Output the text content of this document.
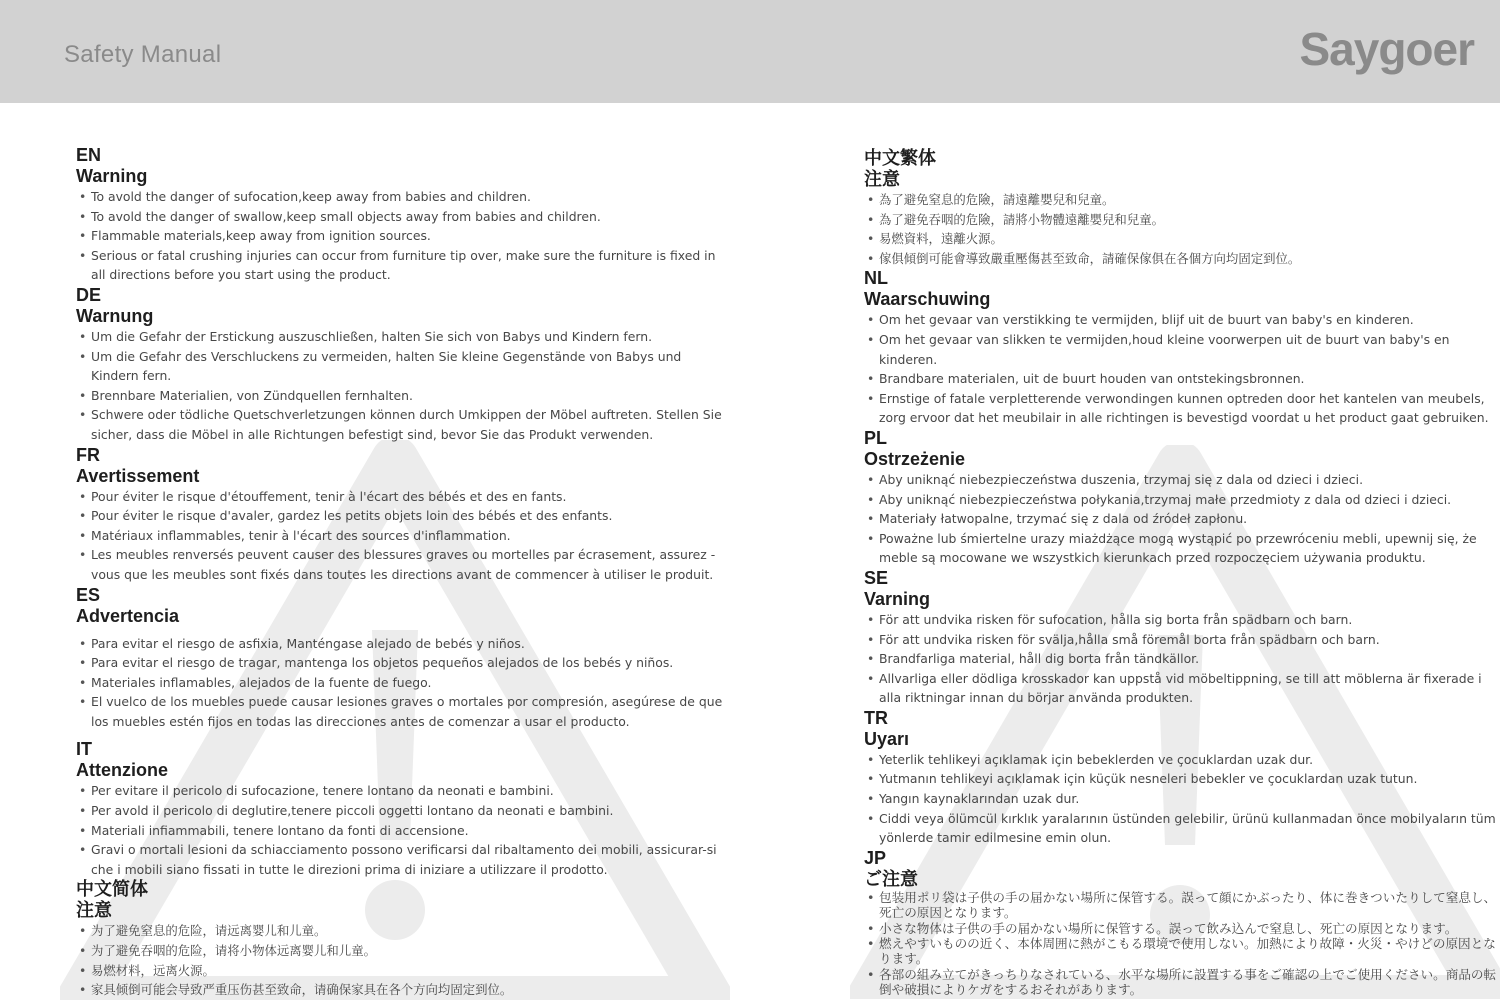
Safety Manual	Saygoer
EN
Warning
• To avold the danger of sufocation,keep away from babies and children.
• To avold the danger of swallow,keep small objects away from babies and children.
• Flammable materials,keep away from ignition sources.
• Serious or fatal crushing injuries can occur from furniture tip over, make sure the furniture is fixed in all directions before you start using the product.
DE
Warnung
• Um die Gefahr der Erstickung auszuschließen, halten Sie sich von Babys und Kindern fern.
• Um die Gefahr des Verschluckens zu vermeiden, halten Sie kleine Gegenstände von Babys und Kindern fern.
• Brennbare Materialien, von Zündquellen fernhalten.
• Schwere oder tödliche Quetschverletzungen können durch Umkippen der Möbel auftreten. Stellen Sie sicher, dass die Möbel in alle Richtungen befestigt sind, bevor Sie das Produkt verwenden.
FR
Avertissement
• Pour éviter le risque d'étouffement, tenir à l'écart des bébés et des en fants.
• Pour éviter le risque d'avaler, gardez les petits objets loin des bébés et des enfants.
• Matériaux inflammables, tenir à l'écart des sources d'inflammation.
• Les meubles renversés peuvent causer des blessures graves ou mortelles par écrasement, assurez - vous que les meubles sont fixés dans toutes les directions avant de commencer à utiliser le produit.
ES
Advertencia
• Para evitar el riesgo de asfixia, Manténgase alejado de bebés y niños.
• Para evitar el riesgo de tragar, mantenga los objetos pequeños alejados de los bebés y niños.
• Materiales inflamables, alejados de la fuente de fuego.
• El vuelco de los muebles puede causar lesiones graves o mortales por compresión, asegúrese de que los muebles estén fijos en todas las direcciones antes de comenzar a usar el producto.
IT
Attenzione
• Per evitare il pericolo di sufocazione, tenere lontano da neonati e bambini.
• Per avold il pericolo di deglutire,tenere piccoli oggetti lontano da neonati e bambini.
• Materiali infiammabili, tenere lontano da fonti di accensione.
• Gravi o mortali lesioni da schiacciamento possono verificarsi dal ribaltamento dei mobili, assicurar-si che i mobili siano fissati in tutte le direzioni prima di iniziare a utilizzare il prodotto.
中文简体
注意
• 为了避免窒息的危险，请远离婴儿和儿童。
• 为了避免吞咽的危险，请将小物体远离婴儿和儿童。
• 易燃材料，远离火源。
• 家具倾倒可能会导致严重压伤甚至致命，请确保家具在各个方向均固定到位。
中文繁体
注意
• 為了避免窒息的危險，請遠離嬰兒和兒童。
• 為了避免吞咽的危險，請將小物體遠離嬰兒和兒童。
• 易燃資料，遠離火源。
• 傢俱傾倒可能會導致嚴重壓傷甚至致命，請確保傢俱在各個方向均固定到位。
NL
Waarschuwing
• Om het gevaar van verstikking te vermijden, blijf uit de buurt van baby's en kinderen.
• Om het gevaar van slikken te vermijden,houd kleine voorwerpen uit de buurt van baby's en kinderen.
• Brandbare materialen, uit de buurt houden van ontstekingsbronnen.
• Ernstige of fatale verpletterende verwondingen kunnen optreden door het kantelen van meubels, zorg ervoor dat het meubilair in alle richtingen is bevestigd voordat u het product gaat gebruiken.
PL
Ostrzeżenie
• Aby uniknąć niebezpieczeństwa duszenia, trzymaj się z dala od dzieci i dzieci.
• Aby uniknąć niebezpieczeństwa połykania,trzymaj małe przedmioty z dala od dzieci i dzieci.
• Materiały łatwopalne, trzymać się z dala od źródeł zapłonu.
• Poważne lub śmiertelne urazy miażdżące mogą wystąpić po przewróceniu mebli, upewnij się, że meble są mocowane we wszystkich kierunkach przed rozpoczęciem używania produktu.
SE
Varning
• För att undvika risken för sufocation, hålla sig borta från spädbarn och barn.
• För att undvika risken för svälja,hålla små föremål borta från spädbarn och barn.
• Brandfarliga material, håll dig borta från tändkällor.
• Allvarliga eller dödliga krosskador kan uppstå vid möbeltippning, se till att möblerna är fixerade i alla riktningar innan du börjar använda produkten.
TR
Uyarı
• Yeterlik tehlikeyi açıklamak için bebeklerden ve çocuklardan uzak dur.
• Yutmanın tehlikeyi açıklamak için küçük nesneleri bebekler ve çocuklardan uzak tutun.
• Yangın kaynaklarından uzak dur.
• Ciddi veya ölümcül kırklık yaralarının üstünden gelebilir, ürünü kullanmadan önce mobilyaların tüm yönlerde tamir edilmesine emin olun.
JP
ご注意
• 包装用ポリ袋は子供の手の届かない場所に保管する。誤って顔にかぶったり、体に巻きついたりして窒息し、死亡の原因となります。
• 小さな物体は子供の手の届かない場所に保管する。誤って飲み込んで窒息し、死亡の原因となります。
• 燃えやすいものの近く、本体周囲に熱がこもる環境で使用しない。加熱により故障・火災・やけどの原因となります。
• 各部の組み立てがきっちりなされている、水平な場所に設置する事をご確認の上でご使用ください。商品の転倒や破損によりケガをするおそれがあります。
